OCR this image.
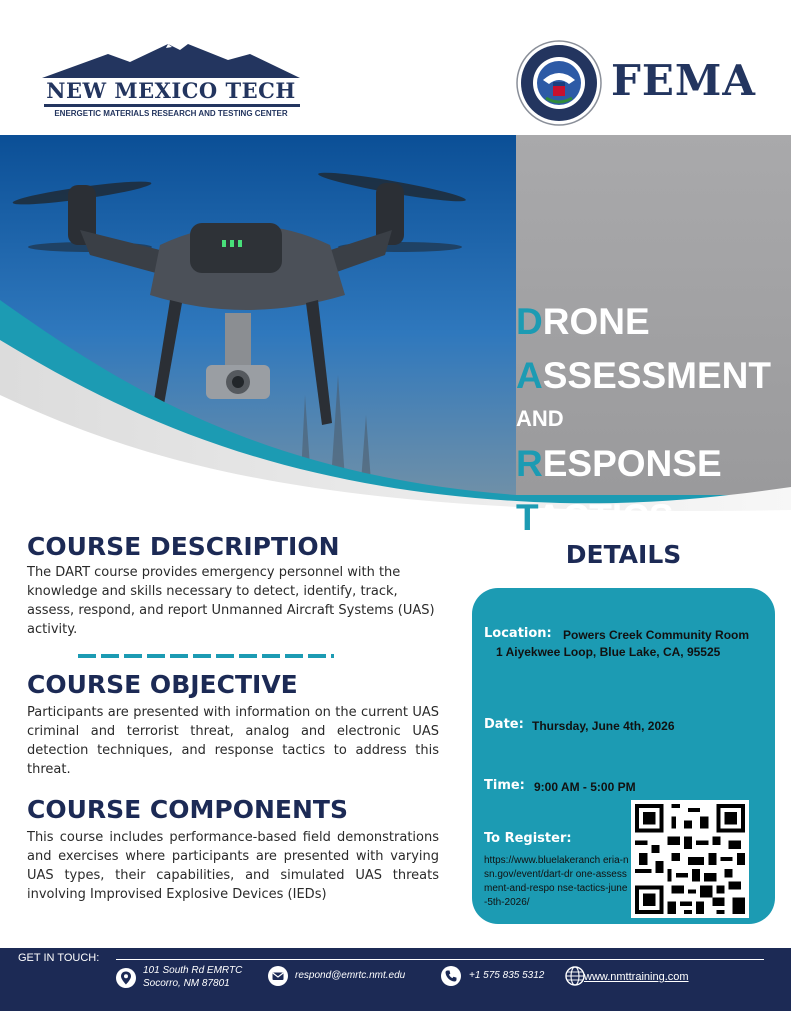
NEW MEXICO TECH
ENERGETIC MATERIALS RESEARCH AND TESTING CENTER
FEMA
DRONE
ASSESSMENT
AND
RESPONSE
TACTICS
COURSE DESCRIPTION
The DART course provides emergency personnel with the knowledge and skills necessary to detect, identify, track, assess, respond, and report Unmanned Aircraft Systems (UAS) activity.
COURSE OBJECTIVE
Participants are presented with information on the current UAS criminal and terrorist threat, analog and electronic UAS detection techniques, and response tactics to address this threat.
COURSE COMPONENTS
This course includes performance-based field demonstrations and exercises where participants are presented with varying UAS types, their capabilities, and simulated UAS threats involving Improvised Explosive Devices (IEDs)
DETAILS
Location: Powers Creek Community Room
1 Aiyekwee Loop, Blue Lake, CA, 95525
Date: Thursday, June 4th, 2026
Time: 9:00 AM - 5:00 PM
To Register:
https://www.bluelakeranch eria-nsn.gov/event/dart-dr one-assessment-and-respo nse-tactics-june-5th-2026/
GET IN TOUCH:
101 South Rd EMRTC
Socorro, NM 87801
respond@emrtc.nmt.edu	+1 575 835 5312	www.nmttraining.com
